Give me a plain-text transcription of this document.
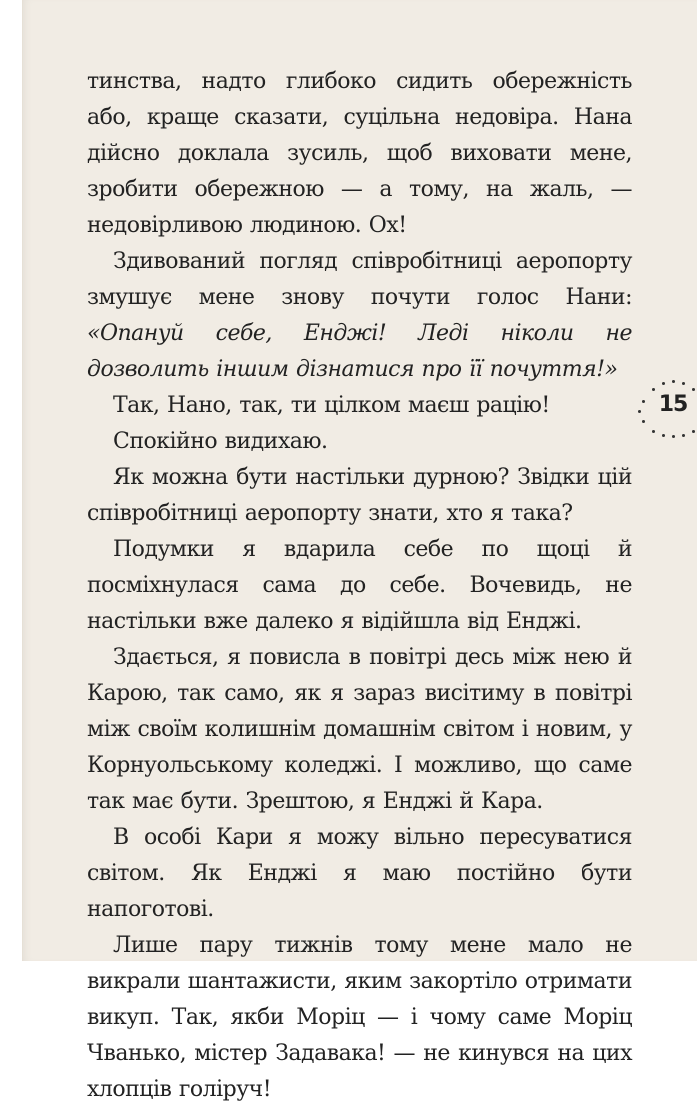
тинства, надто глибоко сидить обережність або, краще сказати, суцільна недовіра. Нана дійсно доклала зусиль, щоб виховати мене, зробити обережною — а тому, на жаль, — недовірливою людиною. Ох!

Здивований погляд співробітниці аеропорту змушує мене знову почути голос Нани: «Опануй себе, Енджі! Леді ніколи не дозволить іншим дізнатися про її почуття!»

Так, Нано, так, ти цілком маєш рацію!

Спокійно видихаю.

Як можна бути настільки дурною? Звідки цій співробітниці аеропорту знати, хто я така?

Подумки я вдарила себе по щоці й посміхнулася сама до себе. Вочевидь, не настільки вже далеко я відійшла від Енджі.

Здається, я повисла в повітрі десь між нею й Карою, так само, як я зараз висітиму в повітрі між своїм колишнім домашнім світом і новим, у Корнуольському коледжі. І можливо, що саме так має бути. Зрештою, я Енджі й Кара.

В особі Кари я можу вільно пересуватися світом. Як Енджі я маю постійно бути напоготові.

Лише пару тижнів тому мене мало не викрали шантажисти, яким закортіло отримати викуп. Так, якби Моріц — і чому саме Моріц Чванько, містер Задавака! — не кинувся на цих хлопців голіруч!

15
